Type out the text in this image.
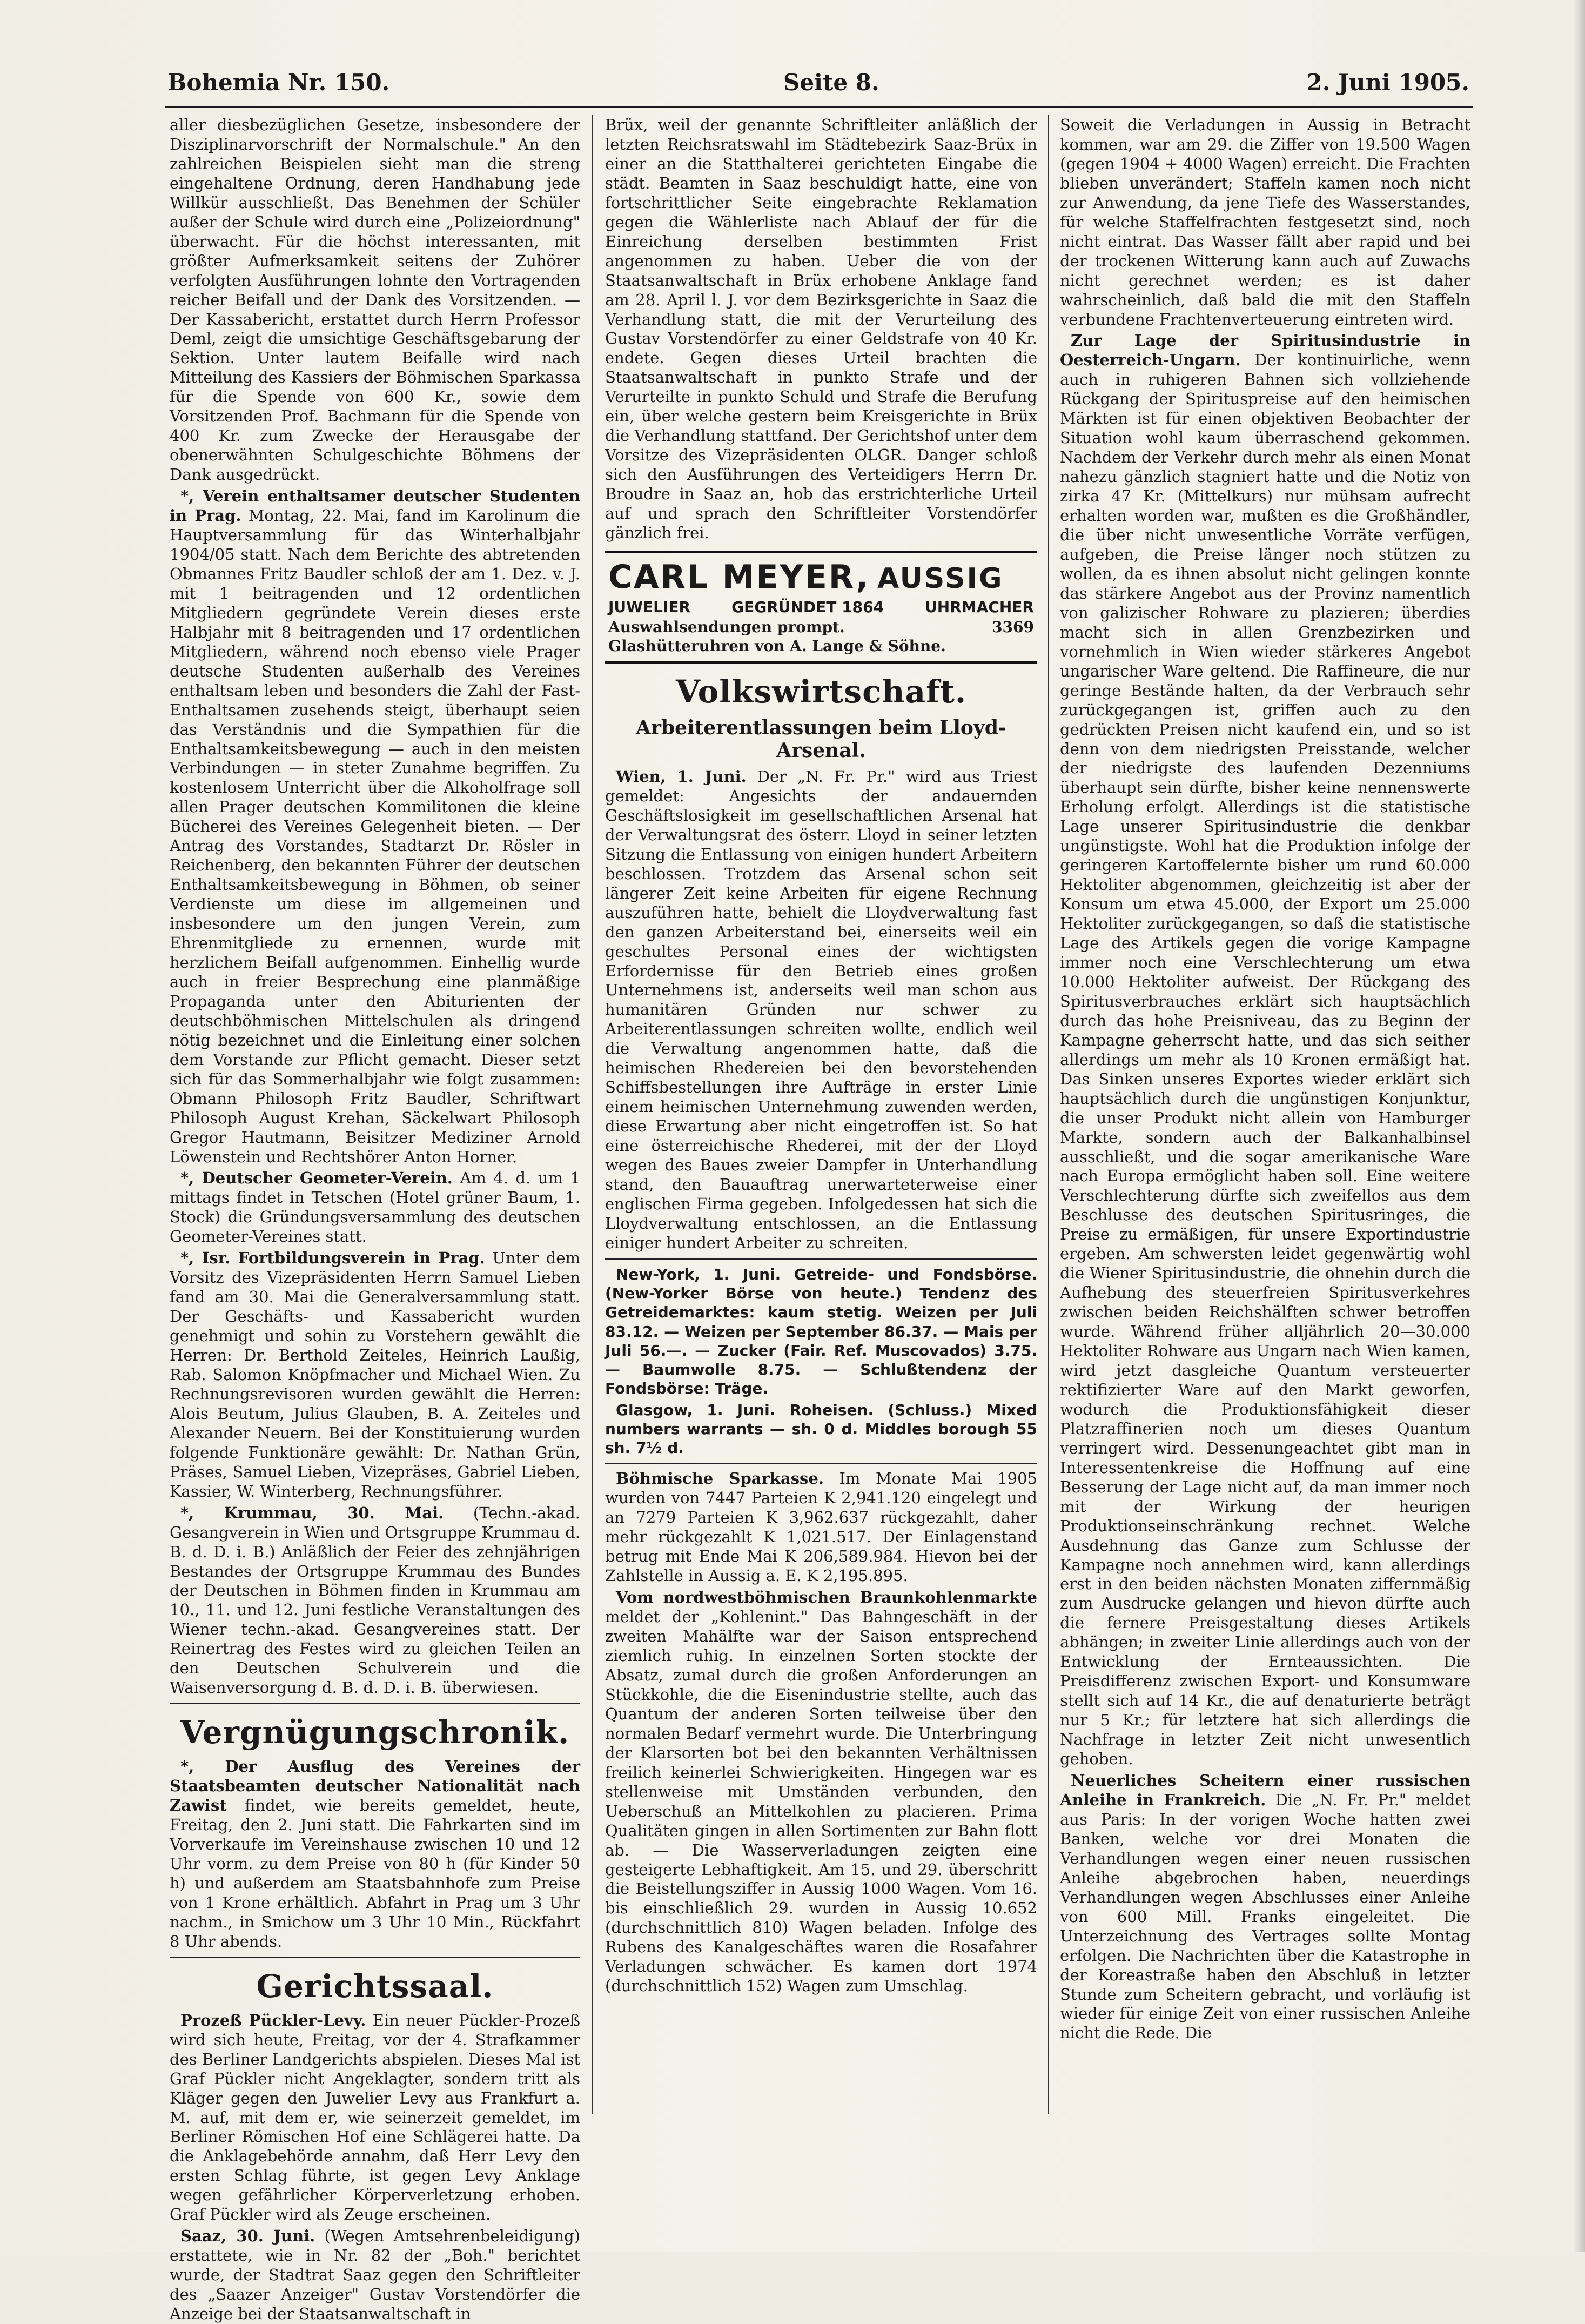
Bohemia Nr. 150.	Seite 8.	2. Juni 1905.

aller diesbezüglichen Gesetze, insbesondere der Disziplinarvorschrift der Normalschule." An den zahlreichen Beispielen sieht man die streng eingehaltene Ordnung, deren Handhabung jede Willkür ausschließt. Das Benehmen der Schüler außer der Schule wird durch eine „Polizeiordnung" überwacht. Für die höchst interessanten, mit größter Aufmerksamkeit seitens der Zuhörer verfolgten Ausführungen lohnte den Vortragenden reicher Beifall und der Dank des Vorsitzenden. — Der Kassabericht, erstattet durch Herrn Professor Deml, zeigt die umsichtige Geschäftsgebarung der Sektion. Unter lautem Beifalle wird nach Mitteilung des Kassiers der Böhmischen Sparkassa für die Spende von 600 Kr., sowie dem Vorsitzenden Prof. Bachmann für die Spende von 400 Kr. zum Zwecke der Herausgabe der obenerwähnten Schulgeschichte Böhmens der Dank ausgedrückt.

*, Verein enthaltsamer deutscher Studenten in Prag. Montag, 22. Mai, fand im Karolinum die Hauptversammlung für das Winterhalbjahr 1904/05 statt. Nach dem Berichte des abtretenden Obmannes Fritz Baudler schloß der am 1. Dez. v. J. mit 1 beitragenden und 12 ordentlichen Mitgliedern gegründete Verein dieses erste Halbjahr mit 8 beitragenden und 17 ordentlichen Mitgliedern, während noch ebenso viele Prager deutsche Studenten außerhalb des Vereines enthaltsam leben und besonders die Zahl der Fast-Enthaltsamen zusehends steigt, überhaupt seien das Verständnis und die Sympathien für die Enthaltsamkeitsbewegung — auch in den meisten Verbindungen — in steter Zunahme begriffen. Zu kostenlosem Unterricht über die Alkoholfrage soll allen Prager deutschen Kommilitonen die kleine Bücherei des Vereines Gelegenheit bieten. — Der Antrag des Vorstandes, Stadtarzt Dr. Rösler in Reichenberg, den bekannten Führer der deutschen Enthaltsamkeitsbewegung in Böhmen, ob seiner Verdienste um diese im allgemeinen und insbesondere um den jungen Verein, zum Ehrenmitgliede zu ernennen, wurde mit herzlichem Beifall aufgenommen. Einhellig wurde auch in freier Besprechung eine planmäßige Propaganda unter den Abiturienten der deutschböhmischen Mittelschulen als dringend nötig bezeichnet und die Einleitung einer solchen dem Vorstande zur Pflicht gemacht. Dieser setzt sich für das Sommerhalbjahr wie folgt zusammen: Obmann Philosoph Fritz Baudler, Schriftwart Philosoph August Krehan, Säckelwart Philosoph Gregor Hautmann, Beisitzer Mediziner Arnold Löwenstein und Rechtshörer Anton Horner.

*, Deutscher Geometer-Verein. Am 4. d. um 1 mittags findet in Tetschen (Hotel grüner Baum, 1. Stock) die Gründungsversammlung des deutschen Geometer-Vereines statt.

*, Isr. Fortbildungsverein in Prag. Unter dem Vorsitz des Vizepräsidenten Herrn Samuel Lieben fand am 30. Mai die Generalversammlung statt. Der Geschäfts- und Kassabericht wurden genehmigt und sohin zu Vorstehern gewählt die Herren: Dr. Berthold Zeiteles, Heinrich Laußig, Rab. Salomon Knöpfmacher und Michael Wien. Zu Rechnungsrevisoren wurden gewählt die Herren: Alois Beutum, Julius Glauben, B. A. Zeiteles und Alexander Neuern. Bei der Konstituierung wurden folgende Funktionäre gewählt: Dr. Nathan Grün, Präses, Samuel Lieben, Vizepräses, Gabriel Lieben, Kassier, W. Winterberg, Rechnungsführer.

*, Krummau, 30. Mai. (Techn.-akad. Gesangverein in Wien und Ortsgruppe Krummau d. B. d. D. i. B.) Anläßlich der Feier des zehnjährigen Bestandes der Ortsgruppe Krummau des Bundes der Deutschen in Böhmen finden in Krummau am 10., 11. und 12. Juni festliche Veranstaltungen des Wiener techn.-akad. Gesangvereines statt. Der Reinertrag des Festes wird zu gleichen Teilen an den Deutschen Schulverein und die Waisenversorgung d. B. d. D. i. B. überwiesen.

Vergnügungschronik.

*, Der Ausflug des Vereines der Staatsbeamten deutscher Nationalität nach Zawist findet, wie bereits gemeldet, heute, Freitag, den 2. Juni statt. Die Fahrkarten sind im Vorverkaufe im Vereinshause zwischen 10 und 12 Uhr vorm. zu dem Preise von 80 h (für Kinder 50 h) und außerdem am Staatsbahnhofe zum Preise von 1 Krone erhältlich. Abfahrt in Prag um 3 Uhr nachm., in Smichow um 3 Uhr 10 Min., Rückfahrt 8 Uhr abends.

Gerichtssaal.

Prozeß Pückler-Levy. Ein neuer Pückler-Prozeß wird sich heute, Freitag, vor der 4. Strafkammer des Berliner Landgerichts abspielen. Dieses Mal ist Graf Pückler nicht Angeklagter, sondern tritt als Kläger gegen den Juwelier Levy aus Frankfurt a. M. auf, mit dem er, wie seinerzeit gemeldet, im Berliner Römischen Hof eine Schlägerei hatte. Da die Anklagebehörde annahm, daß Herr Levy den ersten Schlag führte, ist gegen Levy Anklage wegen gefährlicher Körperverletzung erhoben. Graf Pückler wird als Zeuge erscheinen.

Saaz, 30. Juni. (Wegen Amtsehrenbeleidigung) erstattete, wie in Nr. 82 der „Boh." berichtet wurde, der Stadtrat Saaz gegen den Schriftleiter des „Saazer Anzeiger" Gustav Vorstendörfer die Anzeige bei der Staatsanwaltschaft in

Brüx, weil der genannte Schriftleiter anläßlich der letzten Reichsratswahl im Städtebezirk Saaz-Brüx in einer an die Statthalterei gerichteten Eingabe die städt. Beamten in Saaz beschuldigt hatte, eine von fortschrittlicher Seite eingebrachte Reklamation gegen die Wählerliste nach Ablauf der für die Einreichung derselben bestimmten Frist angenommen zu haben. Ueber die von der Staatsanwaltschaft in Brüx erhobene Anklage fand am 28. April l. J. vor dem Bezirksgerichte in Saaz die Verhandlung statt, die mit der Verurteilung des Gustav Vorstendörfer zu einer Geldstrafe von 40 Kr. endete. Gegen dieses Urteil brachten die Staatsanwaltschaft in punkto Strafe und der Verurteilte in punkto Schuld und Strafe die Berufung ein, über welche gestern beim Kreisgerichte in Brüx die Verhandlung stattfand. Der Gerichtshof unter dem Vorsitze des Vizepräsidenten OLGR. Danger schloß sich den Ausführungen des Verteidigers Herrn Dr. Broudre in Saaz an, hob das erstrichterliche Urteil auf und sprach den Schriftleiter Vorstendörfer gänzlich frei.

CARL MEYER, AUSSIG
JUWELIER	GEGRÜNDET 1864	UHRMACHER
Auswahlsendungen prompt.	3369
Glashütteruhren von A. Lange & Söhne.
Volkswirtschaft.
Arbeiterentlassungen beim Lloyd-Arsenal.

Wien, 1. Juni. Der „N. Fr. Pr." wird aus Triest gemeldet: Angesichts der andauernden Geschäftslosigkeit im gesellschaftlichen Arsenal hat der Verwaltungsrat des österr. Lloyd in seiner letzten Sitzung die Entlassung von einigen hundert Arbeitern beschlossen. Trotzdem das Arsenal schon seit längerer Zeit keine Arbeiten für eigene Rechnung auszuführen hatte, behielt die Lloydverwaltung fast den ganzen Arbeiterstand bei, einerseits weil ein geschultes Personal eines der wichtigsten Erfordernisse für den Betrieb eines großen Unternehmens ist, anderseits weil man schon aus humanitären Gründen nur schwer zu Arbeiterentlassungen schreiten wollte, endlich weil die Verwaltung angenommen hatte, daß die heimischen Rhedereien bei den bevorstehenden Schiffsbestellungen ihre Aufträge in erster Linie einem heimischen Unternehmung zuwenden werden, diese Erwartung aber nicht eingetroffen ist. So hat eine österreichische Rhederei, mit der der Lloyd wegen des Baues zweier Dampfer in Unterhandlung stand, den Bauauftrag unerwarteterweise einer englischen Firma gegeben. Infolgedessen hat sich die Lloydverwaltung entschlossen, an die Entlassung einiger hundert Arbeiter zu schreiten.

New-York, 1. Juni. Getreide- und Fondsbörse. (New-Yorker Börse von heute.) Tendenz des Getreidemarktes: kaum stetig. Weizen per Juli 83.12. — Weizen per September 86.37. — Mais per Juli 56.—. — Zucker (Fair. Ref. Muscovados) 3.75. — Baumwolle 8.75. — Schlußtendenz der Fondsbörse: Träge.

Glasgow, 1. Juni. Roheisen. (Schluss.) Mixed numbers warrants — sh. 0 d. Middles borough 55 sh. 7½ d.

Böhmische Sparkasse. Im Monate Mai 1905 wurden von 7447 Parteien K 2,941.120 eingelegt und an 7279 Parteien K 3,962.637 rückgezahlt, daher mehr rückgezahlt K 1,021.517. Der Einlagenstand betrug mit Ende Mai K 206,589.984. Hievon bei der Zahlstelle in Aussig a. E. K 2,195.895.

Vom nordwestböhmischen Braunkohlenmarkte meldet der „Kohlenint." Das Bahngeschäft in der zweiten Mahälfte war der Saison entsprechend ziemlich ruhig. In einzelnen Sorten stockte der Absatz, zumal durch die großen Anforderungen an Stückkohle, die die Eisenindustrie stellte, auch das Quantum der anderen Sorten teilweise über den normalen Bedarf vermehrt wurde. Die Unterbringung der Klarsorten bot bei den bekannten Verhältnissen freilich keinerlei Schwierigkeiten. Hingegen war es stellenweise mit Umständen verbunden, den Ueberschuß an Mittelkohlen zu placieren. Prima Qualitäten gingen in allen Sortimenten zur Bahn flott ab. — Die Wasserverladungen zeigten eine gesteigerte Lebhaftigkeit. Am 15. und 29. überschritt die Beistellungsziffer in Aussig 1000 Wagen. Vom 16. bis einschließlich 29. wurden in Aussig 10.652 (durchschnittlich 810) Wagen beladen. Infolge des Rubens des Kanalgeschäftes waren die Rosafahrer Verladungen schwächer. Es kamen dort 1974 (durchschnittlich 152) Wagen zum Umschlag.

Soweit die Verladungen in Aussig in Betracht kommen, war am 29. die Ziffer von 19.500 Wagen (gegen 1904 + 4000 Wagen) erreicht. Die Frachten blieben unverändert; Staffeln kamen noch nicht zur Anwendung, da jene Tiefe des Wasserstandes, für welche Staffelfrachten festgesetzt sind, noch nicht eintrat. Das Wasser fällt aber rapid und bei der trockenen Witterung kann auch auf Zuwachs nicht gerechnet werden; es ist daher wahrscheinlich, daß bald die mit den Staffeln verbundene Frachtenverteuerung eintreten wird.

Zur Lage der Spiritusindustrie in Oesterreich-Ungarn. Der kontinuirliche, wenn auch in ruhigeren Bahnen sich vollziehende Rückgang der Spirituspreise auf den heimischen Märkten ist für einen objektiven Beobachter der Situation wohl kaum überraschend gekommen. Nachdem der Verkehr durch mehr als einen Monat nahezu gänzlich stagniert hatte und die Notiz von zirka 47 Kr. (Mittelkurs) nur mühsam aufrecht erhalten worden war, mußten es die Großhändler, die über nicht unwesentliche Vorräte verfügen, aufgeben, die Preise länger noch stützen zu wollen, da es ihnen absolut nicht gelingen konnte das stärkere Angebot aus der Provinz namentlich von galizischer Rohware zu plazieren; überdies macht sich in allen Grenzbezirken und vornehmlich in Wien wieder stärkeres Angebot ungarischer Ware geltend. Die Raffineure, die nur geringe Bestände halten, da der Verbrauch sehr zurückgegangen ist, griffen auch zu den gedrückten Preisen nicht kaufend ein, und so ist denn von dem niedrigsten Preisstande, welcher der niedrigste des laufenden Dezenniums überhaupt sein dürfte, bisher keine nennenswerte Erholung erfolgt. Allerdings ist die statistische Lage unserer Spiritusindustrie die denkbar ungünstigste. Wohl hat die Produktion infolge der geringeren Kartoffelernte bisher um rund 60.000 Hektoliter abgenommen, gleichzeitig ist aber der Konsum um etwa 45.000, der Export um 25.000 Hektoliter zurückgegangen, so daß die statistische Lage des Artikels gegen die vorige Kampagne immer noch eine Verschlechterung um etwa 10.000 Hektoliter aufweist. Der Rückgang des Spiritusverbrauches erklärt sich hauptsächlich durch das hohe Preisniveau, das zu Beginn der Kampagne geherrscht hatte, und das sich seither allerdings um mehr als 10 Kronen ermäßigt hat. Das Sinken unseres Exportes wieder erklärt sich hauptsächlich durch die ungünstigen Konjunktur, die unser Produkt nicht allein von Hamburger Markte, sondern auch der Balkanhalbinsel ausschließt, und die sogar amerikanische Ware nach Europa ermöglicht haben soll. Eine weitere Verschlechterung dürfte sich zweifellos aus dem Beschlusse des deutschen Spiritusringes, die Preise zu ermäßigen, für unsere Exportindustrie ergeben. Am schwersten leidet gegenwärtig wohl die Wiener Spiritusindustrie, die ohnehin durch die Aufhebung des steuerfreien Spiritusverkehres zwischen beiden Reichshälften schwer betroffen wurde. Während früher alljährlich 20—30.000 Hektoliter Rohware aus Ungarn nach Wien kamen, wird jetzt dasgleiche Quantum versteuerter rektifizierter Ware auf den Markt geworfen, wodurch die Produktionsfähigkeit dieser Platzraffinerien noch um dieses Quantum verringert wird. Dessenungeachtet gibt man in Interessentenkreise die Hoffnung auf eine Besserung der Lage nicht auf, da man immer noch mit der Wirkung der heurigen Produktionseinschränkung rechnet. Welche Ausdehnung das Ganze zum Schlusse der Kampagne noch annehmen wird, kann allerdings erst in den beiden nächsten Monaten ziffernmäßig zum Ausdrucke gelangen und hievon dürfte auch die fernere Preisgestaltung dieses Artikels abhängen; in zweiter Linie allerdings auch von der Entwicklung der Ernteaussichten. Die Preisdifferenz zwischen Export- und Konsumware stellt sich auf 14 Kr., die auf denaturierte beträgt nur 5 Kr.; für letztere hat sich allerdings die Nachfrage in letzter Zeit nicht unwesentlich gehoben.

Neuerliches Scheitern einer russischen Anleihe in Frankreich. Die „N. Fr. Pr." meldet aus Paris: In der vorigen Woche hatten zwei Banken, welche vor drei Monaten die Verhandlungen wegen einer neuen russischen Anleihe abgebrochen haben, neuerdings Verhandlungen wegen Abschlusses einer Anleihe von 600 Mill. Franks eingeleitet. Die Unterzeichnung des Vertrages sollte Montag erfolgen. Die Nachrichten über die Katastrophe in der Koreastraße haben den Abschluß in letzter Stunde zum Scheitern gebracht, und vorläufig ist wieder für einige Zeit von einer russischen Anleihe nicht die Rede. Die
